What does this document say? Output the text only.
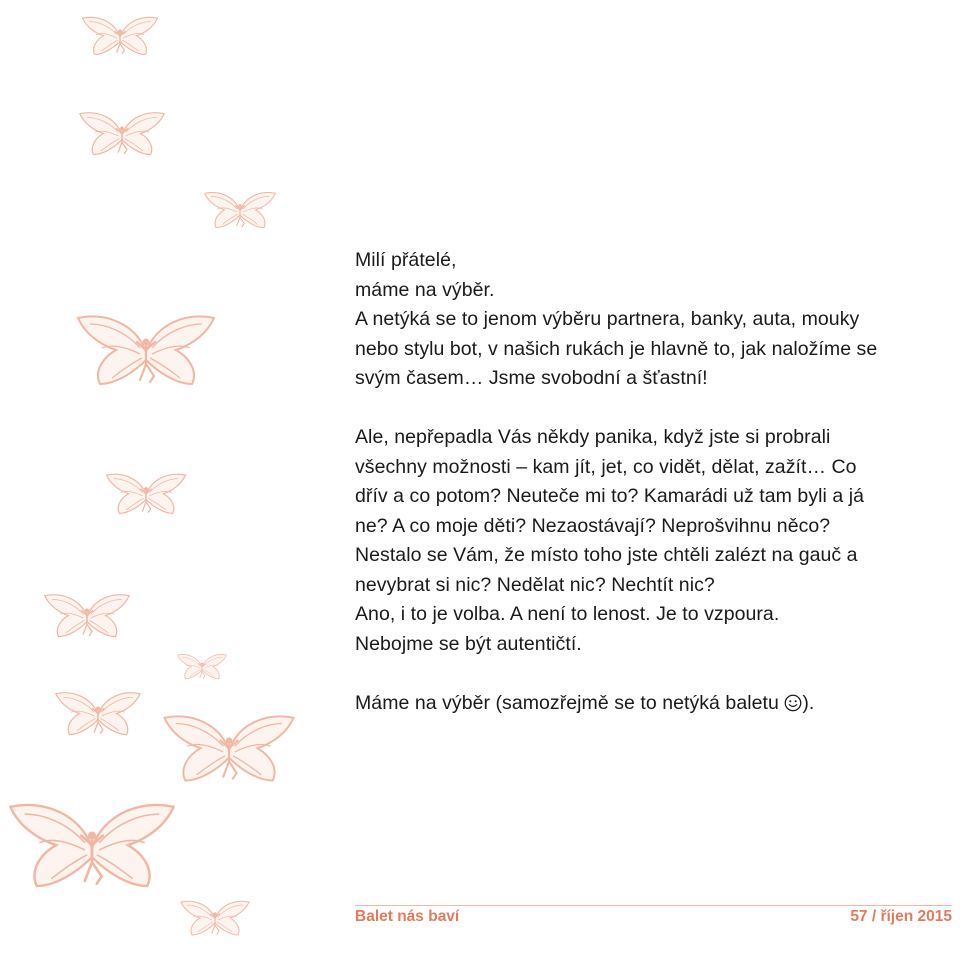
Milí přátelé,
máme na výběr.
A netýká se to jenom výběru partnera, banky, auta, mouky
nebo stylu bot, v našich rukách je hlavně to, jak naložíme se
svým časem… Jsme svobodní a šťastní!
Ale, nepřepadla Vás někdy panika, když jste si probrali
všechny možnosti – kam jít, jet, co vidět, dělat, zažít… Co
dřív a co potom? Neuteče mi to? Kamarádi už tam byli a já
ne? A co moje děti? Nezaostávají? Neprošvihnu něco?
Nestalo se Vám, že místo toho jste chtěli zalézt na gauč a
nevybrat si nic? Nedělat nic? Nechtít nic?
Ano, i to je volba. A není to lenost. Je to vzpoura.
Nebojme se být autentičtí.
Máme na výběr (samozřejmě se to netýká baletu ).
Balet nás baví	57 / říjen 2015
